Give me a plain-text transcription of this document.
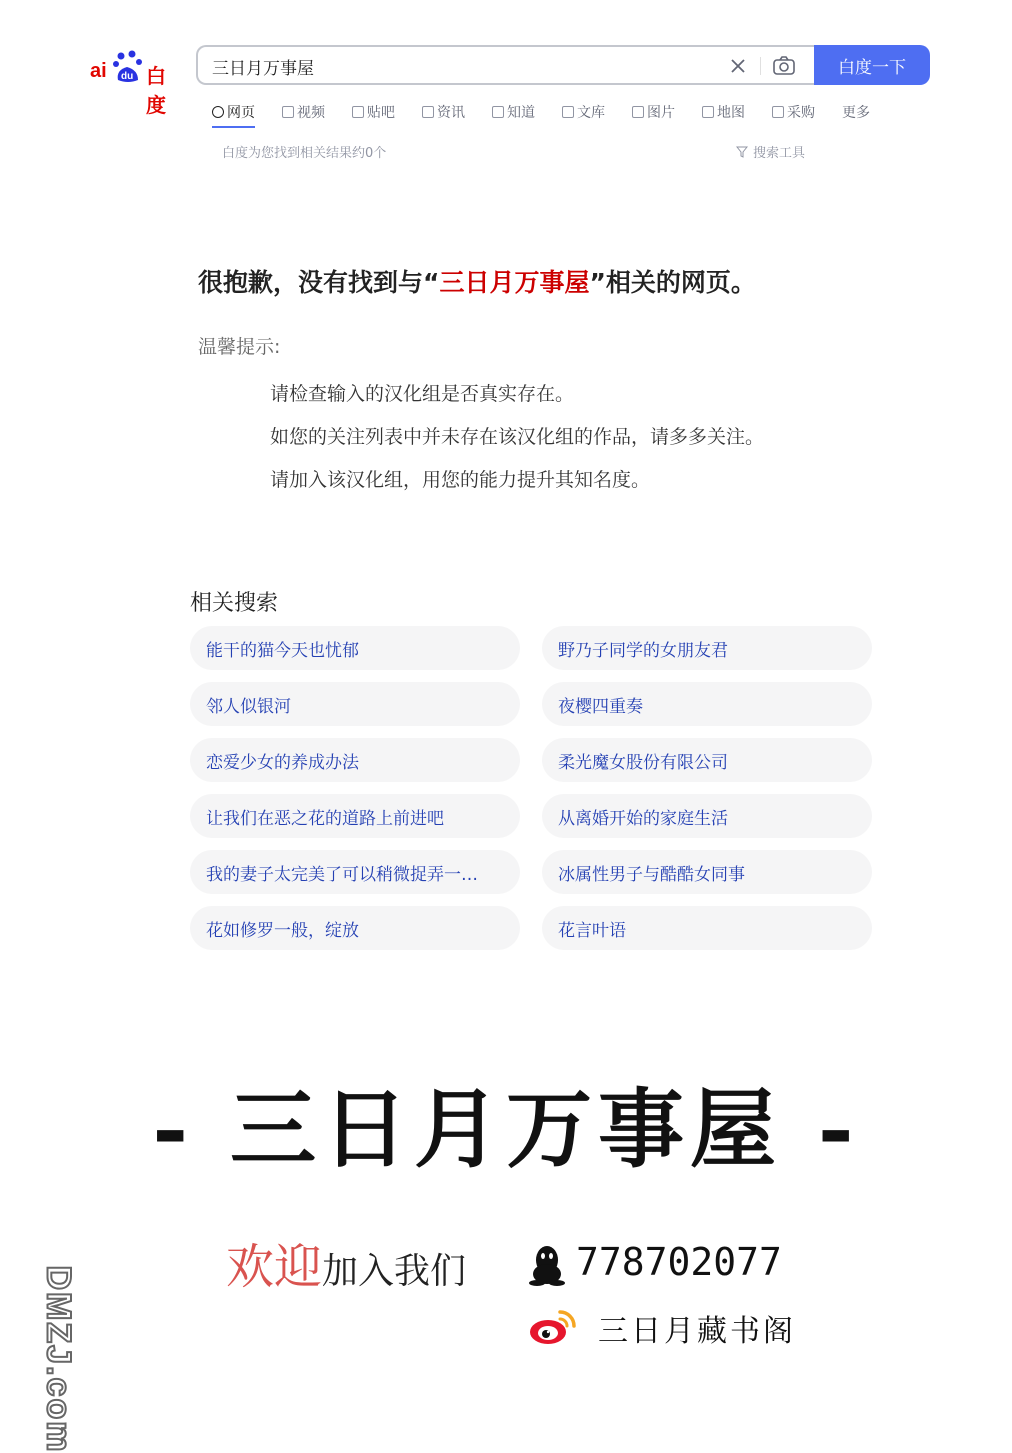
ai du 白度
三日月万事屋
白度一下
网页	视频	贴吧	资讯	知道	文库	图片	地图	采购 更多
白度为您找到相关结果约0个	搜索工具
很抱歉，没有找到与“三日月万事屋”相关的网页。
温馨提示:
请检查输入的汉化组是否真实存在。
如您的关注列表中并未存在该汉化组的作品，请多多关注。
请加入该汉化组，用您的能力提升其知名度。
相关搜索
能干的猫今天也忧郁	野乃子同学的女朋友君
邻人似银河	夜樱四重奏
恋爱少女的养成办法	柔光魔女股份有限公司
让我们在恶之花的道路上前进吧	从离婚开始的家庭生活
我的妻子太完美了可以稍微捉弄一…	冰属性男子与酷酷女同事
花如修罗一般，绽放	花言叶语
- 三日月万事屋 -
欢迎加入我们	778702077
三日月藏书阁
DMZJ.com
